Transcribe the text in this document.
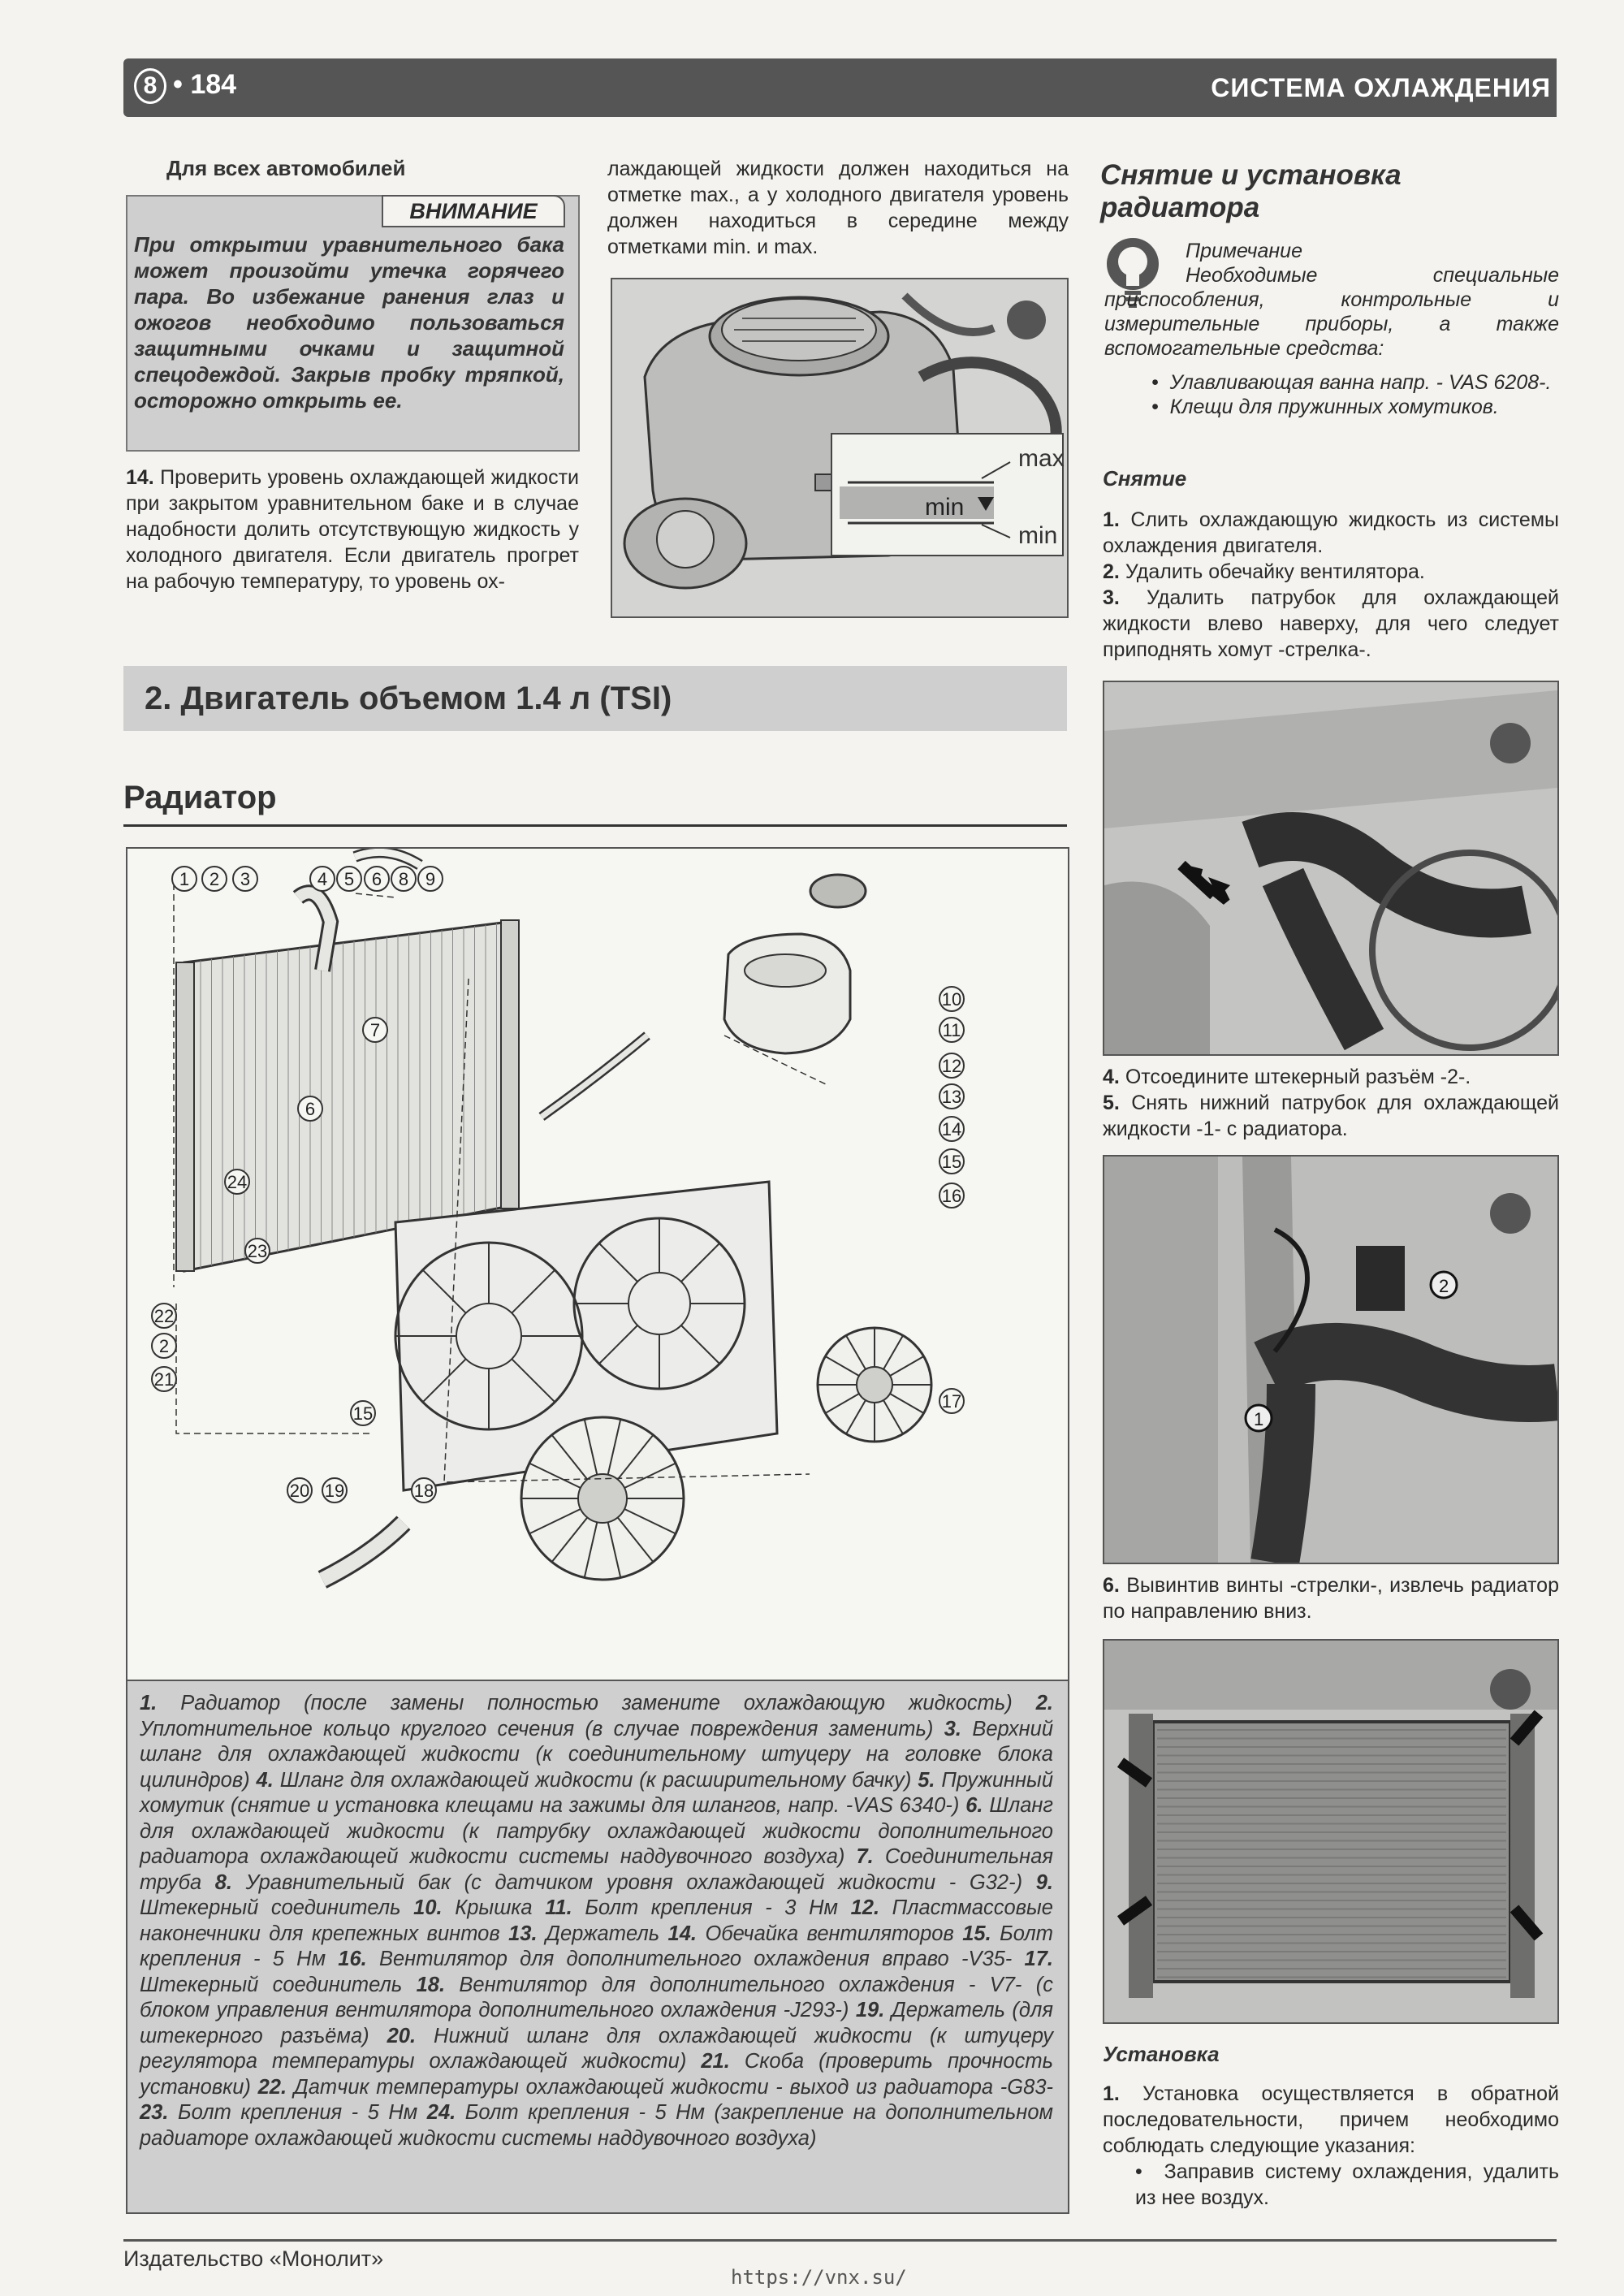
8 • 184	СИСТЕМА ОХЛАЖДЕНИЯ
Для всех автомобилей
ВНИМАНИЕ
При открытии уравнительного бака может произойти утечка горячего пара. Во избежание ранения глаз и ожогов необходимо пользоваться защитными очками и защитной спецодеждой. Закрыв пробку тряпкой, осторожно открыть ее.
14. Проверить уровень охлаждающей жидкости при закрытом уравнительном баке и в случае надобности долить отсутствующую жидкость у холодного двигателя. Если двигатель прогрет на рабочую температуру, то уровень ох-
лаждающей жидкости должен находиться на отметке max., а у холодного двигателя уровень должен находиться в середине между отметками min. и max.
max
min
min
2. Двигатель объемом 1.4 л (TSI)
Радиатор
1 2 3	4 5 6 8 9
10
11
7
12
13
14
6
15
24
16
23
22
2
21
15
17
20 19	18
1. Радиатор (после замены полностью замените охлаждающую жидкость) 2. Уплотнительное кольцо круглого сечения (в случае повреждения заменить) 3. Верхний шланг для охлаждающей жидкости (к соединительному штуцеру на головке блока цилиндров) 4. Шланг для охлаждающей жидкости (к расширительному бачку) 5. Пружинный хомутик (снятие и установка клещами на зажимы для шлангов, напр. -VAS 6340-) 6. Шланг для охлаждающей жидкости (к патрубку охлаждающей жидкости дополнительного радиатора охлаждающей жидкости системы наддувочного воздуха) 7. Соединительная труба 8. Уравнительный бак (с датчиком уровня охлаждающей жидкости - G32-) 9. Штекерный соединитель 10. Крышка 11. Болт крепления - 3 Нм 12. Пластмассовые наконечники для крепежных винтов 13. Держатель 14. Обечайка вентиляторов 15. Болт крепления - 5 Нм 16. Вентилятор для дополнительного охлаждения вправо -V35- 17. Штекерный соединитель 18. Вентилятор для дополнительного охлаждения - V7- (с блоком управления вентилятора дополнительного охлаждения -J293-) 19. Держатель (для штекерного разъёма) 20. Нижний шланг для охлаждающей жидкости (к штуцеру регулятора температуры охлаждающей жидкости) 21. Скоба (проверить прочность установки) 22. Датчик температуры охлаждающей жидкости - выход из радиатора -G83- 23. Болт крепления - 5 Нм 24. Болт крепления - 5 Нм (закрепление на дополнительном радиаторе охлаждающей жидкости системы наддувочного воздуха)
Снятие и установка
радиатора
Примечание
Необходимые специальные приспособления, контрольные и измерительные приборы, а также вспомогательные средства:
•  Улавливающая ванна напр. - VAS 6208-.
•  Клещи для пружинных хомутиков.
Снятие
1. Слить охлаждающую жидкость из системы охлаждения двигателя.
2. Удалить обечайку вентилятора.
3. Удалить патрубок для охлаждающей жидкости влево наверху, для чего следует приподнять хомут -стрелка-.
4. Отсоедините штекерный разъём -2-.
5. Снять нижний патрубок для охлаждающей жидкости -1- с радиатора.
1
2
6. Вывинтив винты -стрелки-, извлечь радиатор по направлению вниз.
Установка
1. Установка осуществляется в обратной последовательности, причем необходимо соблюдать следующие указания:
•  Заправив систему охлаждения, удалить из нее воздух.
Издательство «Монолит»
https://vnx.su/
